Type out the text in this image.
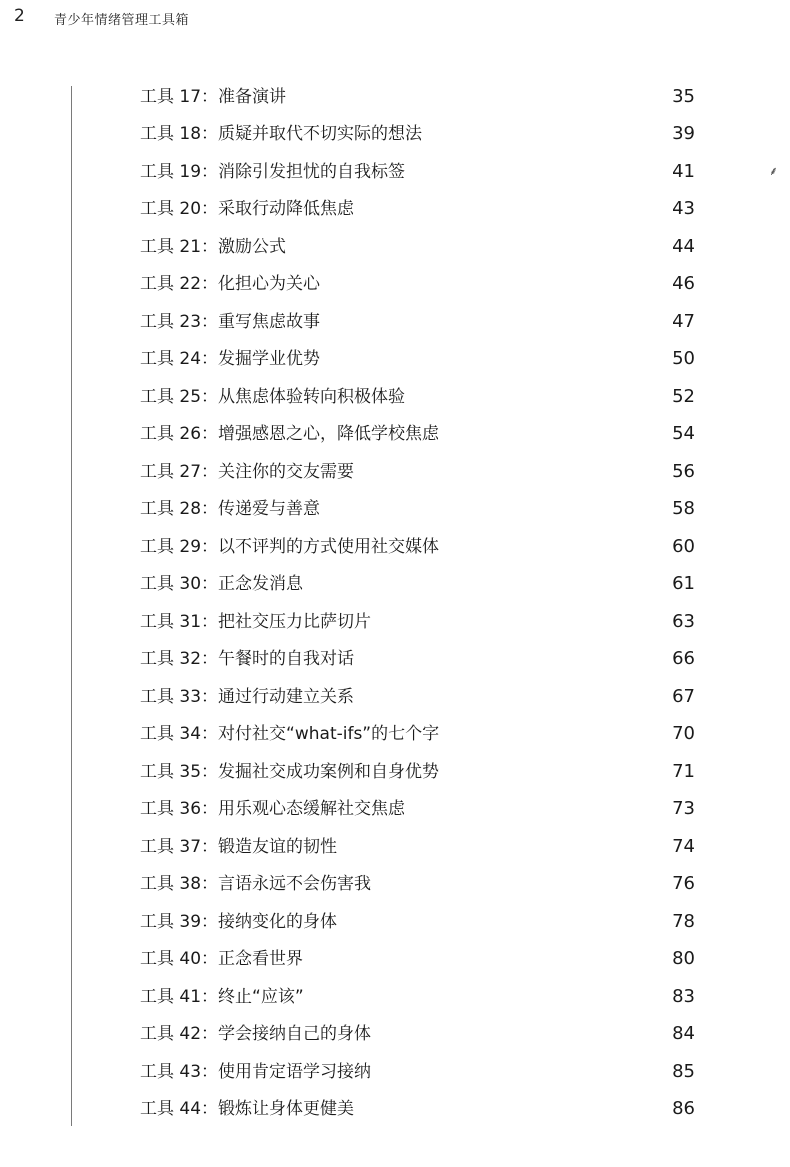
2 青少年情绪管理工具箱
⸙
工具 17：准备演讲	35
工具 18：质疑并取代不切实际的想法	39
工具 19：消除引发担忧的自我标签	41
工具 20：采取行动降低焦虑	43
工具 21：激励公式	44
工具 22：化担心为关心	46
工具 23：重写焦虑故事	47
工具 24：发掘学业优势	50
工具 25：从焦虑体验转向积极体验	52
工具 26：增强感恩之心，降低学校焦虑	54
工具 27：关注你的交友需要	56
工具 28：传递爱与善意	58
工具 29：以不评判的方式使用社交媒体	60
工具 30：正念发消息	61
工具 31：把社交压力比萨切片	63
工具 32：午餐时的自我对话	66
工具 33：通过行动建立关系	67
工具 34：对付社交“what-ifs”的七个字	70
工具 35：发掘社交成功案例和自身优势	71
工具 36：用乐观心态缓解社交焦虑	73
工具 37：锻造友谊的韧性	74
工具 38：言语永远不会伤害我	76
工具 39：接纳变化的身体	78
工具 40：正念看世界	80
工具 41：终止“应该”	83
工具 42：学会接纳自己的身体	84
工具 43：使用肯定语学习接纳	85
工具 44：锻炼让身体更健美	86
